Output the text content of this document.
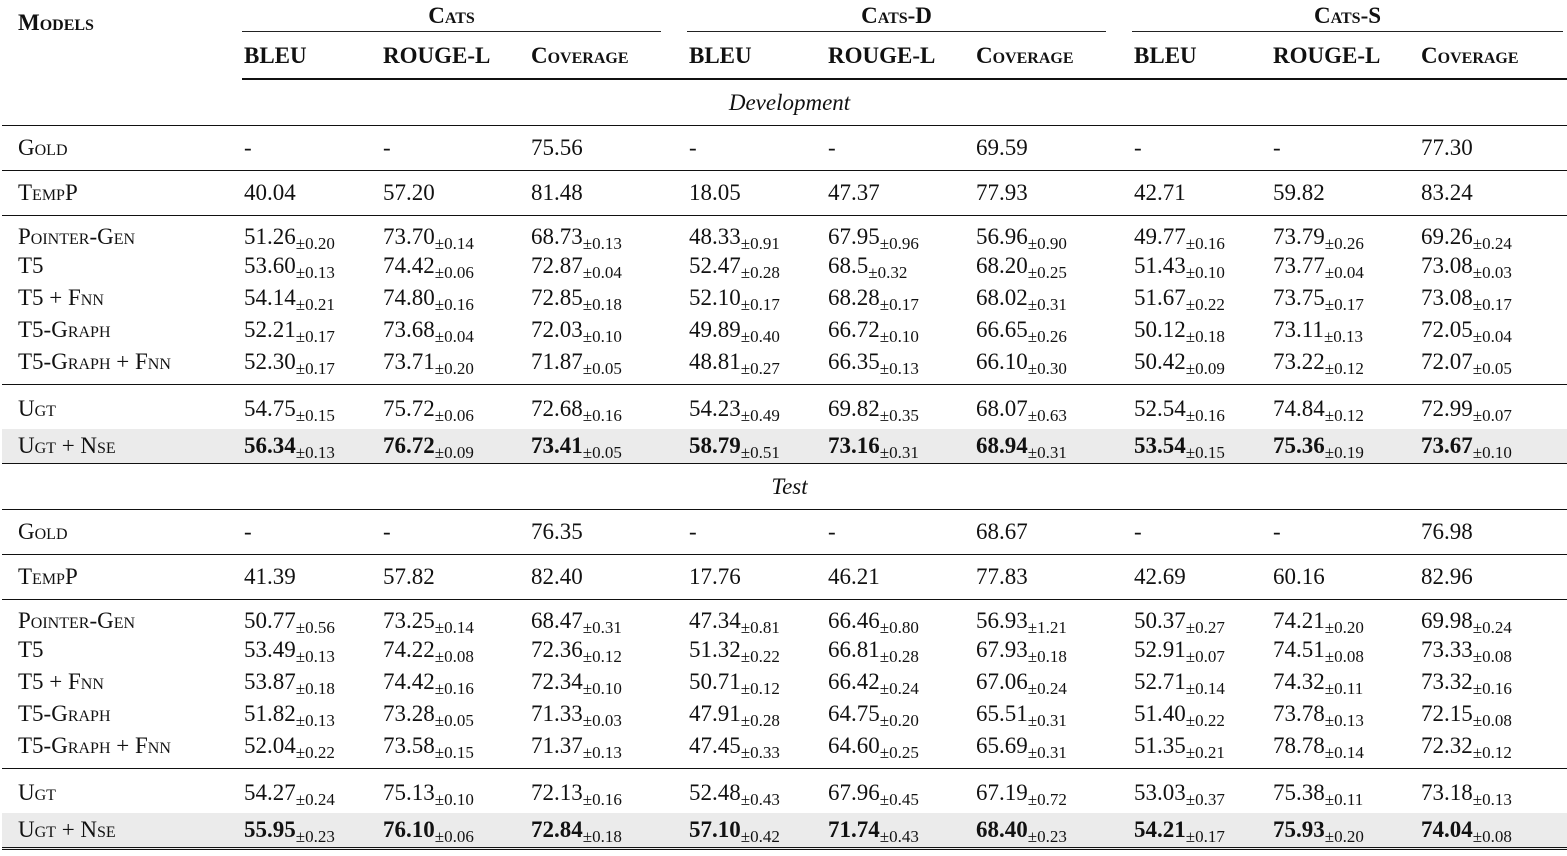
Models	Cats			Cats-D			Cats-S		

	BLEU	ROUGE-L	Coverage	BLEU	ROUGE-L	Coverage	BLEU	ROUGE-L	Coverage
Development									
Gold	-	-	75.56	-	-	69.59	-	-	77.30
TempP	40.04	57.20	81.48	18.05	47.37	77.93	42.71	59.82	83.24
Pointer-Gen	$51.26_{\pm 0.20}$	$73.70_{\pm 0.14}$	$68.73_{\pm 0.13}$	$48.33_{\pm 0.91}$	$67.95_{\pm 0.96}$	$56.96_{\pm 0.90}$	$49.77_{\pm 0.16}$	$73.79_{\pm 0.26}$	$69.26_{\pm 0.24}$
T5	$53.60_{\pm 0.13}$	$74.42_{\pm 0.06}$	$72.87_{\pm 0.04}$	$52.47_{\pm 0.28}$	$68.5_{\pm 0.32}$	$68.20_{\pm 0.25}$	$51.43_{\pm 0.10}$	$73.77_{\pm 0.04}$	$73.08_{\pm 0.03}$
T5 + Fnn	$54.14_{\pm 0.21}$	$74.80_{\pm 0.16}$	$72.85_{\pm 0.18}$	$52.10_{\pm 0.17}$	$68.28_{\pm 0.17}$	$68.02_{\pm 0.31}$	$51.67_{\pm 0.22}$	$73.75_{\pm 0.17}$	$73.08_{\pm 0.17}$
T5-Graph	$52.21_{\pm 0.17}$	$73.68_{\pm 0.04}$	$72.03_{\pm 0.10}$	$49.89_{\pm 0.40}$	$66.72_{\pm 0.10}$	$66.65_{\pm 0.26}$	$50.12_{\pm 0.18}$	$73.11_{\pm 0.13}$	$72.05_{\pm 0.04}$
T5-Graph + Fnn	$52.30_{\pm 0.17}$	$73.71_{\pm 0.20}$	$71.87_{\pm 0.05}$	$48.81_{\pm 0.27}$	$66.35_{\pm 0.13}$	$66.10_{\pm 0.30}$	$50.42_{\pm 0.09}$	$73.22_{\pm 0.12}$	$72.07_{\pm 0.05}$
Ugt	$54.75_{\pm 0.15}$	$75.72_{\pm 0.06}$	$72.68_{\pm 0.16}$	$54.23_{\pm 0.49}$	$69.82_{\pm 0.35}$	$68.07_{\pm 0.63}$	$52.54_{\pm 0.16}$	$74.84_{\pm 0.12}$	$72.99_{\pm 0.07}$
Ugt + Nse	$56.34_{\pm 0.13}$	$76.72_{\pm 0.09}$	$73.41_{\pm 0.05}$	$58.79_{\pm 0.51}$	$73.16_{\pm 0.31}$	$68.94_{\pm 0.31}$	$53.54_{\pm 0.15}$	$75.36_{\pm 0.19}$	$73.67_{\pm 0.10}$
Test									
Gold	-	-	76.35	-	-	68.67	-	-	76.98
TempP	41.39	57.82	82.40	17.76	46.21	77.83	42.69	60.16	82.96
Pointer-Gen	$50.77_{\pm 0.56}$	$73.25_{\pm 0.14}$	$68.47_{\pm 0.31}$	$47.34_{\pm 0.81}$	$66.46_{\pm 0.80}$	$56.93_{\pm 1.21}$	$50.37_{\pm 0.27}$	$74.21_{\pm 0.20}$	$69.98_{\pm 0.24}$
T5	$53.49_{\pm 0.13}$	$74.22_{\pm 0.08}$	$72.36_{\pm 0.12}$	$51.32_{\pm 0.22}$	$66.81_{\pm 0.28}$	$67.93_{\pm 0.18}$	$52.91_{\pm 0.07}$	$74.51_{\pm 0.08}$	$73.33_{\pm 0.08}$
T5 + Fnn	$53.87_{\pm 0.18}$	$74.42_{\pm 0.16}$	$72.34_{\pm 0.10}$	$50.71_{\pm 0.12}$	$66.42_{\pm 0.24}$	$67.06_{\pm 0.24}$	$52.71_{\pm 0.14}$	$74.32_{\pm 0.11}$	$73.32_{\pm 0.16}$
T5-Graph	$51.82_{\pm 0.13}$	$73.28_{\pm 0.05}$	$71.33_{\pm 0.03}$	$47.91_{\pm 0.28}$	$64.75_{\pm 0.20}$	$65.51_{\pm 0.31}$	$51.40_{\pm 0.22}$	$73.78_{\pm 0.13}$	$72.15_{\pm 0.08}$
T5-Graph + Fnn	$52.04_{\pm 0.22}$	$73.58_{\pm 0.15}$	$71.37_{\pm 0.13}$	$47.45_{\pm 0.33}$	$64.60_{\pm 0.25}$	$65.69_{\pm 0.31}$	$51.35_{\pm 0.21}$	$78.78_{\pm 0.14}$	$72.32_{\pm 0.12}$
Ugt	$54.27_{\pm 0.24}$	$75.13_{\pm 0.10}$	$72.13_{\pm 0.16}$	$52.48_{\pm 0.43}$	$67.96_{\pm 0.45}$	$67.19_{\pm 0.72}$	$53.03_{\pm 0.37}$	$75.38_{\pm 0.11}$	$73.18_{\pm 0.13}$
Ugt + Nse	$55.95_{\pm 0.23}$	$76.10_{\pm 0.06}$	$72.84_{\pm 0.18}$	$57.10_{\pm 0.42}$	$71.74_{\pm 0.43}$	$68.40_{\pm 0.23}$	$54.21_{\pm 0.17}$	$75.93_{\pm 0.20}$	$74.04_{\pm 0.08}$
